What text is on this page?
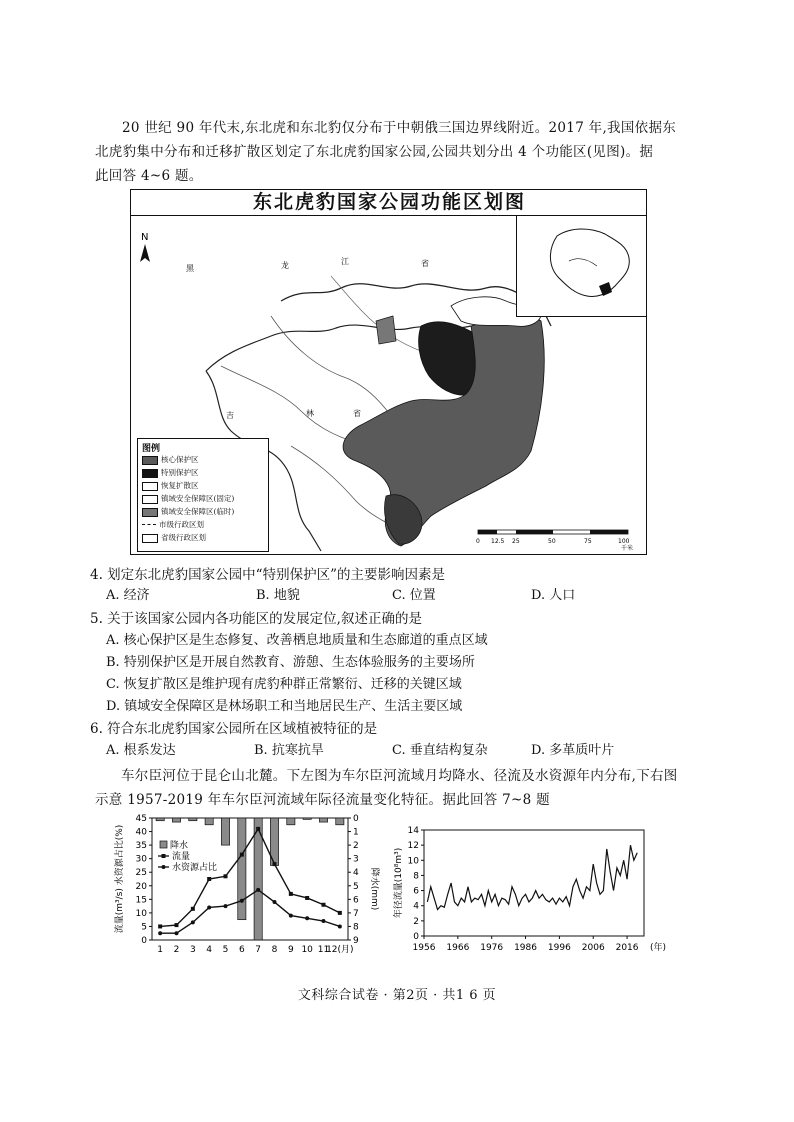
20 世纪 90 年代末,东北虎和东北豹仅分布于中朝俄三国边界线附近。2017 年,我国依据东
北虎豹集中分布和迁移扩散区划定了东北虎豹国家公园,公园共划分出 4 个功能区(见图)。据
此回答 4~6 题。
东北虎豹国家公园功能区划图
N
黑	龙	江	省
吉	林	省
图例
核心保护区
特别保护区
恢复扩散区
镇域安全保障区(固定)
镇域安全保障区(临时)
市级行政区划
省级行政区划	0 12.5 25	50	75	100
千米
4. 划定东北虎豹国家公园中“特别保护区”的主要影响因素是
A. 经济	B. 地貌	C. 位置	D. 人口
5. 关于该国家公园内各功能区的发展定位,叙述正确的是
A. 核心保护区是生态修复、改善栖息地质量和生态廊道的重点区域
B. 特别保护区是开展自然教育、游憩、生态体验服务的主要场所
C. 恢复扩散区是维护现有虎豹种群正常繁衍、迁移的关键区域
D. 镇域安全保障区是林场职工和当地居民生产、生活主要区域
6. 符合东北虎豹国家公园所在区域植被特征的是
A. 根系发达	B. 抗寒抗旱	C. 垂直结构复杂	D. 多革质叶片
车尔臣河位于昆仑山北麓。下左图为车尔臣河流域月均降水、径流及水资源年内分布,下右图
示意 1957-2019 年车尔臣河流域年际径流量变化特征。据此回答 7~8 题
0
5
10
15
20
25
30
35
40
45	0
1
2
3
4
5
6
7
8
9
1 2 3 4 5 6 7 8 9 10 11
12(月)
流量(m³/s) 水资源占比(%)	降水(mm)
降水
流量
水资源占比
0
2
4
6
8
10
12
14
1956 1966 1976 1986 1996 2006 2016 (年)
年径流量(10⁸m³)
文科综合试卷 · 第2页 · 共1 6 页
